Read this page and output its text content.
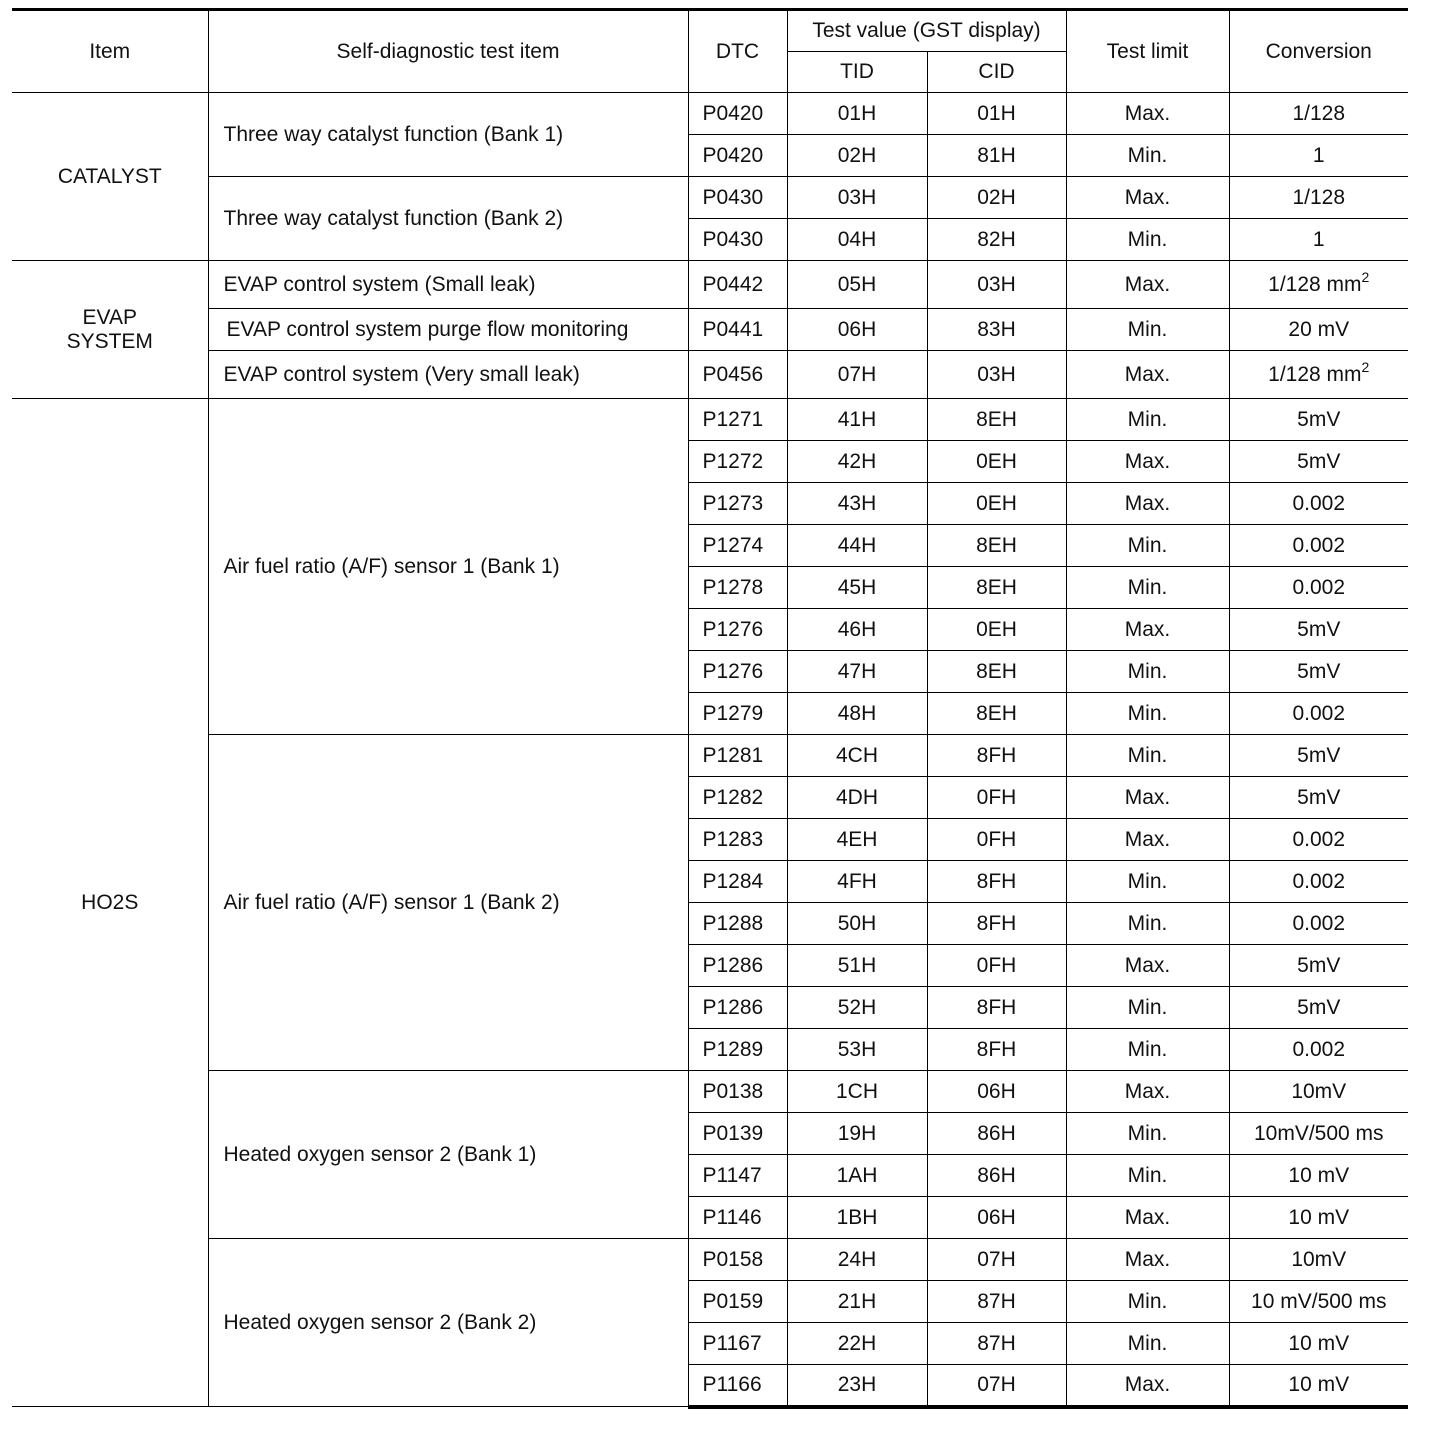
Item	Self-diagnostic test item	DTC	Test value (GST display)		Test limit	Conversion
			TID	CID		
CATALYST	Three way catalyst function (Bank 1)	P0420	01H	01H	Max.	1/128
		P0420	02H	81H	Min.	1
	Three way catalyst function (Bank 2)	P0430	03H	02H	Max.	1/128
		P0430	04H	82H	Min.	1
EVAP SYSTEM	EVAP control system (Small leak)	P0442	05H	03H	Max.	1/128 $mm^2$
	EVAP control system purge flow monitoring	P0441	06H	83H	Min.	20 mV
	EVAP control system (Very small leak)	P0456	07H	03H	Max.	1/128 $mm^2$
HO2S	Air fuel ratio (A/F) sensor 1 (Bank 1)	P1271	41H	8EH	Min.	5mV
		P1272	42H	0EH	Max.	5mV
		P1273	43H	0EH	Max.	0.002
		P1274	44H	8EH	Min.	0.002
		P1278	45H	8EH	Min.	0.002
		P1276	46H	0EH	Max.	5mV
		P1276	47H	8EH	Min.	5mV
		P1279	48H	8EH	Min.	0.002
	Air fuel ratio (A/F) sensor 1 (Bank 2)	P1281	4CH	8FH	Min.	5mV
		P1282	4DH	0FH	Max.	5mV
		P1283	4EH	0FH	Max.	0.002
		P1284	4FH	8FH	Min.	0.002
		P1288	50H	8FH	Min.	0.002
		P1286	51H	0FH	Max.	5mV
		P1286	52H	8FH	Min.	5mV
		P1289	53H	8FH	Min.	0.002
	Heated oxygen sensor 2 (Bank 1)	P0138	1CH	06H	Max.	10mV
		P0139	19H	86H	Min.	10mV/500 ms
		P1147	1AH	86H	Min.	10 mV
		P1146	1BH	06H	Max.	10 mV
	Heated oxygen sensor 2 (Bank 2)	P0158	24H	07H	Max.	10mV
		P0159	21H	87H	Min.	10 mV/500 ms
		P1167	22H	87H	Min.	10 mV
		P1166	23H	07H	Max.	10 mV
